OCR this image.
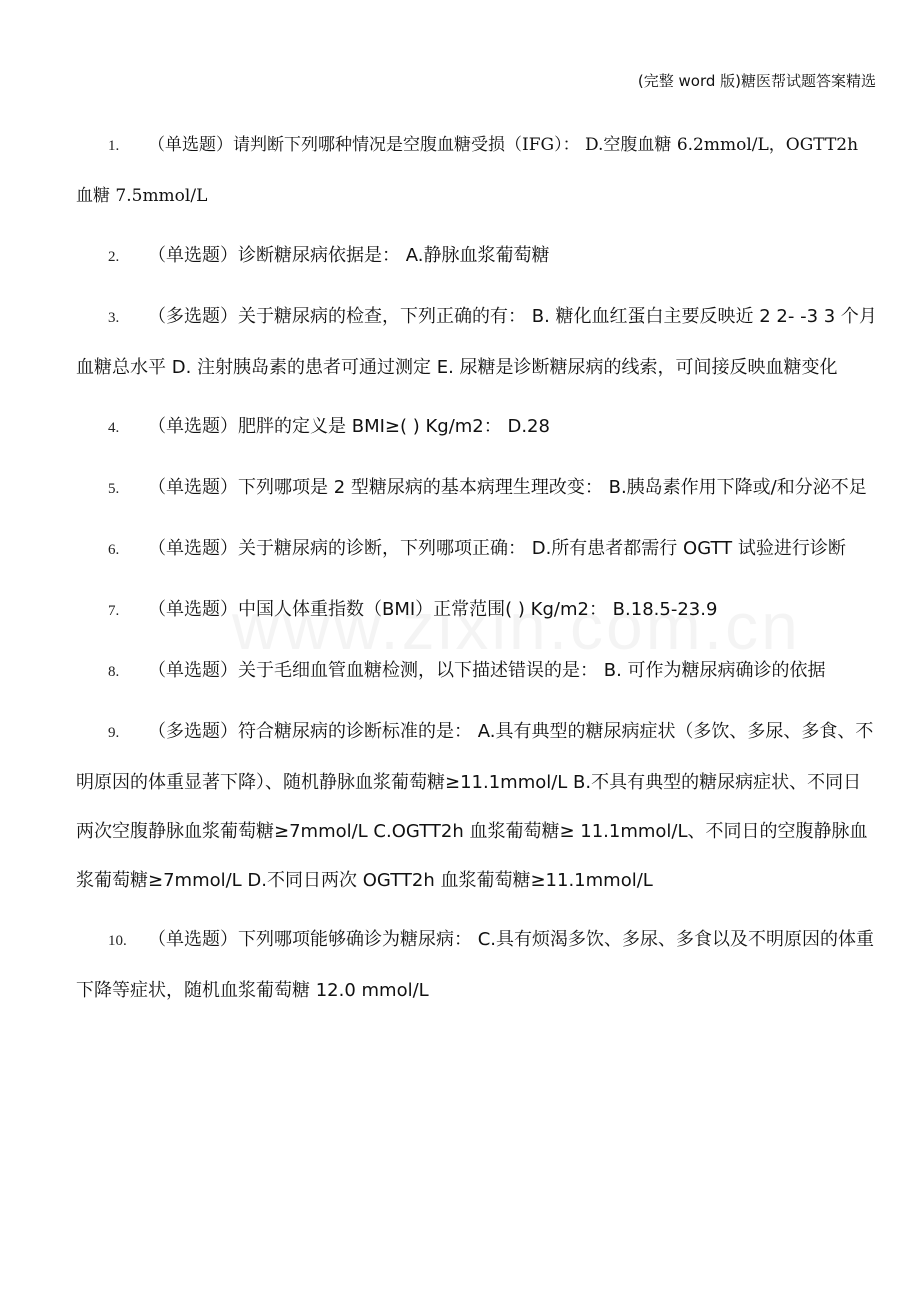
(完整 word 版)糖医帮试题答案精选

1. （单选题）请判断下列哪种情况是空腹血糖受损（IFG）： D.空腹血糖 6.2mmol/L，OGTT2h 血糖 7.5mmol/L

2. （单选题）诊断糖尿病依据是： A.静脉血浆葡萄糖

3. （多选题）关于糖尿病的检查，下列正确的有： B. 糖化血红蛋白主要反映近 2 2- -3 3 个月血糖总水平 D. 注射胰岛素的患者可通过测定 E. 尿糖是诊断糖尿病的线索，可间接反映血糖变化

4. （单选题）肥胖的定义是 BMI≥( ) Kg/m2： D.28

5. （单选题）下列哪项是 2 型糖尿病的基本病理生理改变： B.胰岛素作用下降或/和分泌不足

6. （单选题）关于糖尿病的诊断，下列哪项正确： D.所有患者都需行 OGTT 试验进行诊断

7. （单选题）中国人体重指数（BMI）正常范围( ) Kg/m2： B.18.5-23.9

8. （单选题）关于毛细血管血糖检测，以下描述错误的是： B. 可作为糖尿病确诊的依据

9. （多选题）符合糖尿病的诊断标准的是： A.具有典型的糖尿病症状（多饮、多尿、多食、不明原因的体重显著下降）、随机静脉血浆葡萄糖≥11.1mmol/L B.不具有典型的糖尿病症状、不同日两次空腹静脉血浆葡萄糖≥7mmol/L C.OGTT2h 血浆葡萄糖≥ 11.1mmol/L、不同日的空腹静脉血浆葡萄糖≥7mmol/L D.不同日两次 OGTT2h 血浆葡萄糖≥11.1mmol/L

10. （单选题）下列哪项能够确诊为糖尿病： C.具有烦渴多饮、多尿、多食以及不明原因的体重下降等症状，随机血浆葡萄糖 12.0 mmol/L
